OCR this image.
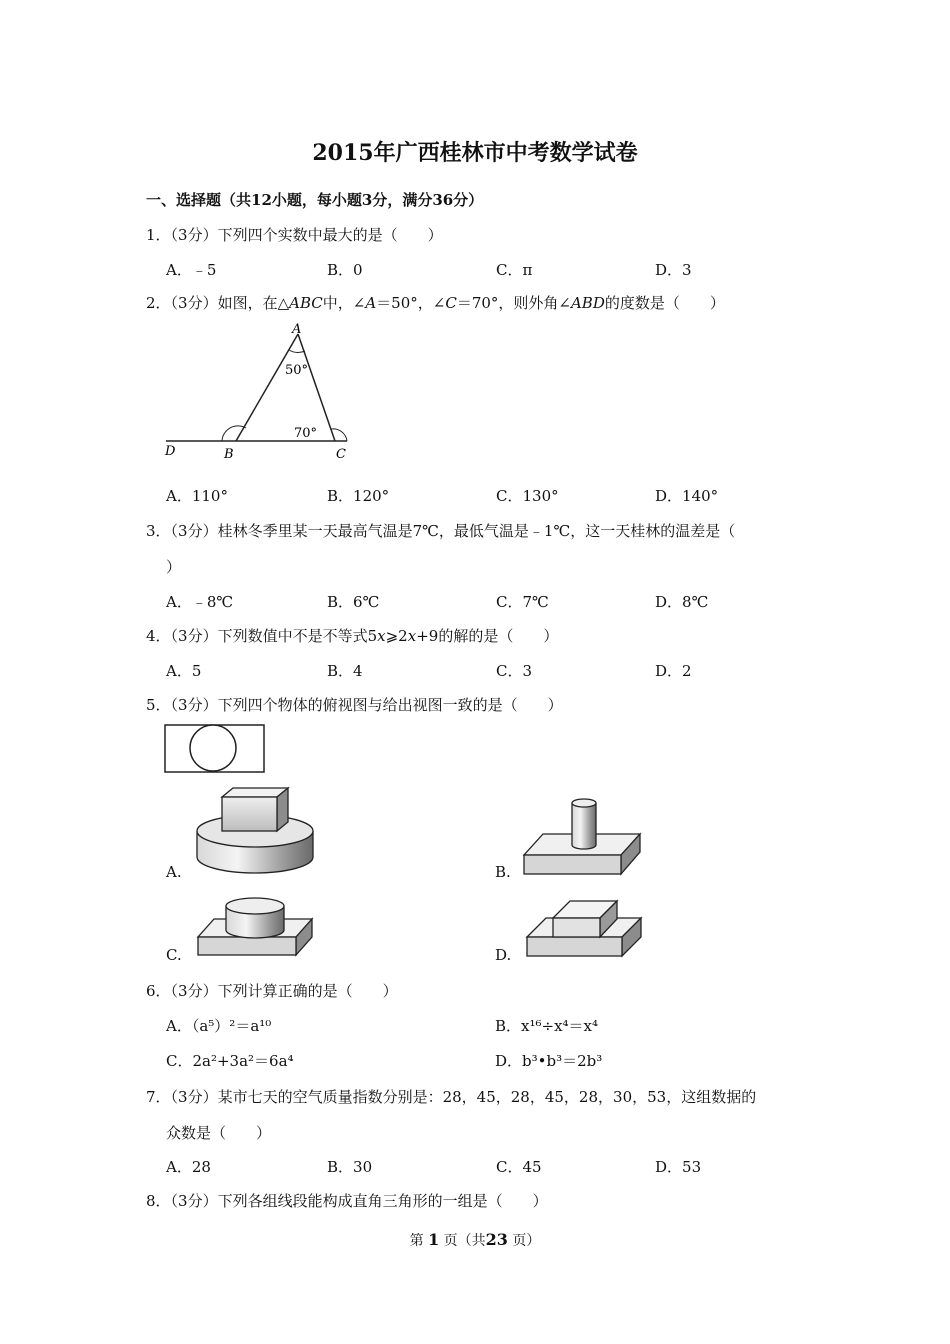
2015年广西桂林市中考数学试卷
一、选择题（共12小题，每小题3分，满分36分）
1．（3分）下列四个实数中最大的是（　　）
A．﹣5	B．0	C．π	D．3
2．（3分）如图，在△ABC中，∠A＝50°，∠C＝70°，则外角∠ABD的度数是（　　）
A
50°
70°
D	B	C
A．110°	B．120°	C．130°	D．140°
3．（3分）桂林冬季里某一天最高气温是7℃，最低气温是﹣1℃，这一天桂林的温差是（
）
A．﹣8℃	B．6℃	C．7℃	D．8℃
4．（3分）下列数值中不是不等式5x⩾2x+9的解的是（　　）
A．5	B．4	C．3	D．2
5．（3分）下列四个物体的俯视图与给出视图一致的是（　　）
A.	B.
C.	D.
6．（3分）下列计算正确的是（　　）
A．（a⁵）²＝a¹⁰	B．x¹⁶÷x⁴＝x⁴
C．2a²+3a²＝6a⁴	D．b³•b³＝2b³
7．（3分）某市七天的空气质量指数分别是：28，45，28，45，28，30，53，这组数据的
众数是（　　）
A．28	B．30	C．45	D．53
8．（3分）下列各组线段能构成直角三角形的一组是（　　）
第 1 页（共23 页）
